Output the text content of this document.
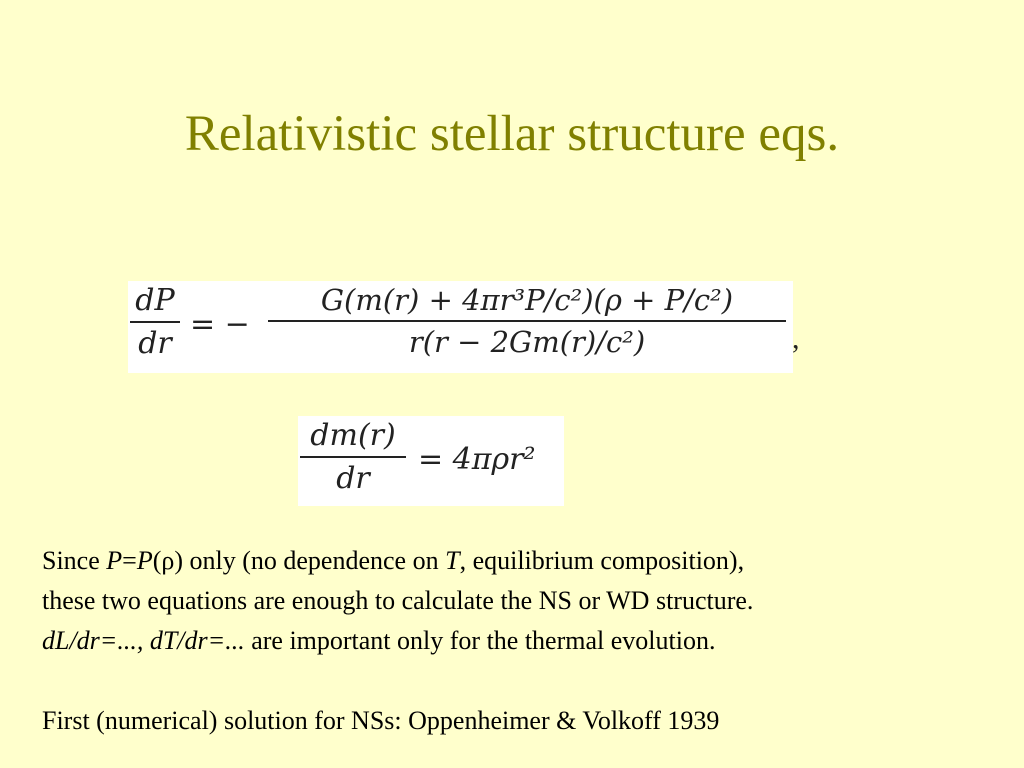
Relativistic stellar structure eqs.
dP
dr
= −
G(m(r) + 4πr³P/c²)(ρ + P/c²)
r(r − 2Gm(r)/c²)	,
dm(r)
dr
= 4πρr²

Since P=P(ρ) only (no dependence on T, equilibrium composition),

these two equations are enough to calculate the NS or WD structure.

dL/dr=..., dT/dr=... are important only for the thermal evolution.

First (numerical) solution for NSs: Oppenheimer & Volkoff 1939
